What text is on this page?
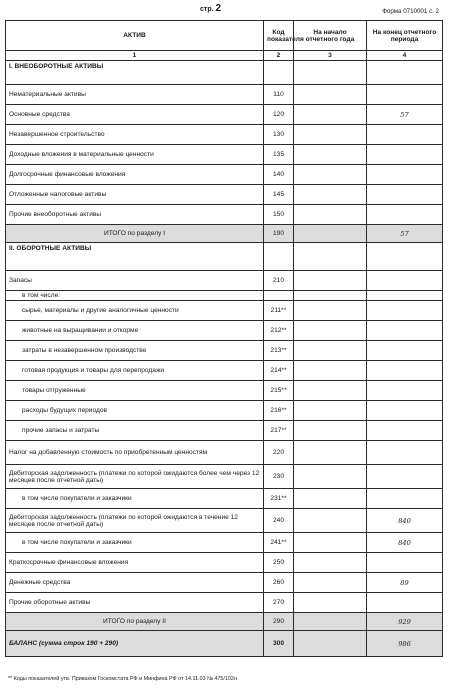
стр. 2	Форма 0710001 с. 2
АКТИВ	Код показателя	На начало отчетного года	На конец отчетного периода
1	2	3	4
I. ВНЕОБОРОТНЫЕ АКТИВЫ			
Нематериальные активы	110		
Основные средства	120		57
Незавершенное строительство	130		
Доходные вложения в материальные ценности	135		
Долгосрочные финансовые вложения	140		
Отложенные налоговые активы	145		
Прочие внеоборотные активы	150		
ИТОГО по разделу I	190		57
II. ОБОРОТНЫЕ АКТИВЫ			
Запасы	210		
в том числе:			
сырье, материалы и другие аналогичные ценности	211**		
животные на выращивании и откорме	212**		
затраты в незавершенном производстве	213**		
готовая продукция и товары для перепродажи	214**		
товары отгруженные	215**		
расходы будущих периодов	216**		
прочие запасы и затраты	217**		
Налог на добавленную стоимость по приобретенным ценностям	220		
Дебиторская задолженность (платежи по которой ожидаются более чем через 12 месяцев после отчетной даты)	230		
в том числе покупатели и заказчики	231**		
Дебиторская задолженность (платежи по которой ожидаются в течение 12 месяцев после отчетной даты)	240		840
в том числе покупатели и заказчики	241**		840
Краткосрочные финансовые вложения	250		
Денежные средства	260		89
Прочие оборотные активы	270		
ИТОГО по разделу II	290		929
БАЛАНС (сумма строк 190 + 290)	300		986
** Коды показателей утв. Приказом Госкомстата РФ и Минфина РФ от 14.11.03 № 475/102н
